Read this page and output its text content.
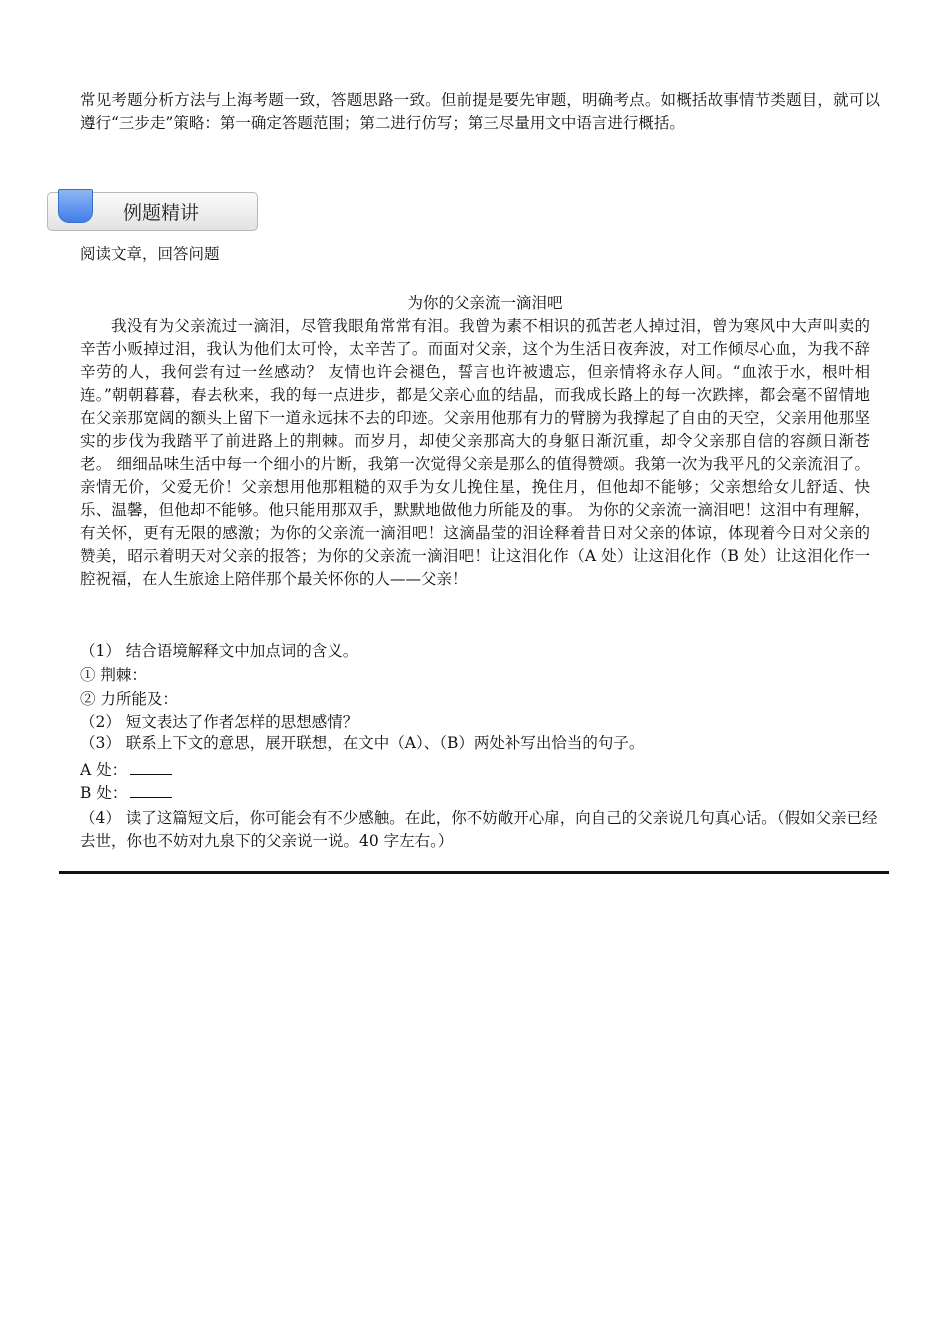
常见考题分析方法与上海考题一致，答题思路一致。但前提是要先审题，明确考点。如概括故事情节类题目，就可以遵行“三步走”策略：第一确定答题范围；第二进行仿写；第三尽量用文中语言进行概括。
例题精讲
阅读文章，回答问题
为你的父亲流一滴泪吧
我没有为父亲流过一滴泪，尽管我眼角常常有泪。我曾为素不相识的孤苦老人掉过泪，曾为寒风中大声叫卖的辛苦小贩掉过泪，我认为他们太可怜，太辛苦了。而面对父亲，这个为生活日夜奔波，对工作倾尽心血，为我不辞辛劳的人，我何尝有过一丝感动？ 友情也许会褪色，誓言也许被遗忘，但亲情将永存人间。“血浓于水，根叶相连。”朝朝暮暮，春去秋来，我的每一点进步，都是父亲心血的结晶，而我成长路上的每一次跌摔，都会毫不留情地在父亲那宽阔的额头上留下一道永远抹不去的印迹。父亲用他那有力的臂膀为我撑起了自由的天空，父亲用他那坚实的步伐为我踏平了前进路上的荆棘。而岁月，却使父亲那高大的身躯日渐沉重，却令父亲那自信的容颜日渐苍老。 细细品味生活中每一个细小的片断，我第一次觉得父亲是那么的值得赞颂。我第一次为我平凡的父亲流泪了。亲情无价，父爱无价！父亲想用他那粗糙的双手为女儿挽住星，挽住月，但他却不能够；父亲想给女儿舒适、快乐、温馨，但他却不能够。他只能用那双手，默默地做他力所能及的事。 为你的父亲流一滴泪吧！这泪中有理解，有关怀，更有无限的感激；为你的父亲流一滴泪吧！这滴晶莹的泪诠释着昔日对父亲的体谅，体现着今日对父亲的赞美，昭示着明天对父亲的报答；为你的父亲流一滴泪吧！让这泪化作（A 处）让这泪化作（B 处）让这泪化作一腔祝福，在人生旅途上陪伴那个最关怀你的人——父亲！
（1） 结合语境解释文中加点词的含义。
① 荆棘：
② 力所能及：
（2） 短文表达了作者怎样的思想感情？
（3） 联系上下文的意思，展开联想，在文中（A）、（B）两处补写出恰当的句子。
A 处：
B 处：
（4） 读了这篇短文后，你可能会有不少感触。在此，你不妨敞开心扉，向自己的父亲说几句真心话。（假如父亲已经去世，你也不妨对九泉下的父亲说一说。40 字左右。）
